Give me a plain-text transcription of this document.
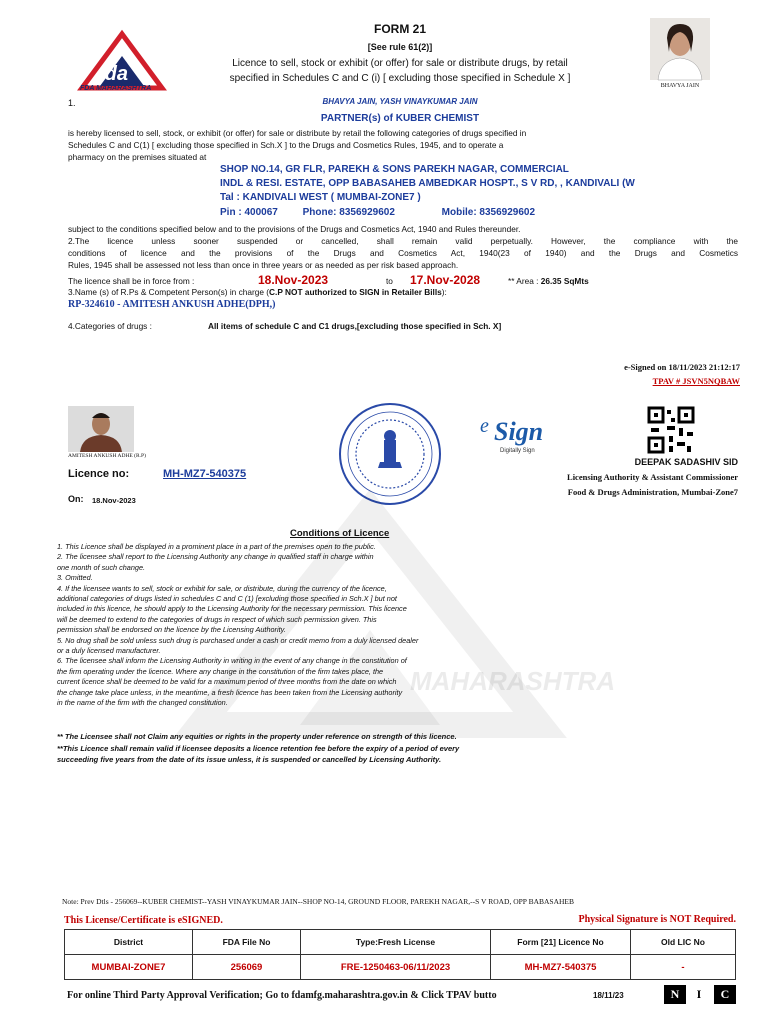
fda
FDA MAHARASHTRA
FORM 21
[See rule 61(2)]
Licence to sell, stock or exhibit (or offer) for sale or distribute drugs, by retail
specified in Schedules C and C (i) [ excluding those specified in Schedule X ]
BHAVYA JAIN
1.	BHAVYA JAIN, YASH VINAYKUMAR JAIN
PARTNER(s) of KUBER CHEMIST
is hereby licensed to sell, stock, or exhibit (or offer) for sale or distribute by retail the following categories of drugs specified in
Schedules C and C(1) [ excluding those specified in Sch.X ] to the Drugs and Cosmetics Rules, 1945, and to operate a
pharmacy on the premises situated at
SHOP NO.14, GR FLR, PAREKH & SONS PAREKH NAGAR, COMMERCIAL
INDL & RESI. ESTATE, OPP BABASAHEB AMBEDKAR HOSPT., S V RD, , KANDIVALI (W
Tal : KANDIVALI WEST ( MUMBAI-ZONE7 )
Pin : 400067 Phone: 8356929602	Mobile: 8356929602
subject to the conditions specified below and to the provisions of the Drugs and Cosmetics Act, 1940 and Rules thereunder.
2.The licence unless sooner suspended or cancelled, shall remain valid perpetually. However, the compliance with the
conditions of licence and the provisions of the Drugs and Cosmetics Act, 1940(23 of 1940) and the Drugs and Cosmetics
Rules, 1945 shall be assessed not less than once in three years or as needed as per risk based approach.
The licence shall be in force from :	18.Nov-2023	to 17.Nov-2028	** Area : 26.35 SqMts
3.Name (s) of R.Ps & Competent Person(s) in charge (C.P NOT authorized to SIGN in Retailer Bills):
RP-324610 - AMITESH ANKUSH ADHE(DPH,)
4.Categories of drugs :	All items of schedule C and C1 drugs,[excluding those specified in Sch. X]
e-Signed on 18/11/2023 21:12:17
TPAV # JSVN5NQBAW
AMITESH ANKUSH ADHE (R.P)
e Sign
Digitally Sign
Licence no:	MH-MZ7-540375
On: 18.Nov-2023
DEEPAK SADASHIV SID
Licensing Authority & Assistant Commissioner
Food & Drugs Administration, Mumbai-Zone7
MAHARASHTRA
Conditions of Licence
1. This Licence shall be displayed in a prominent place in a part of the premises open to the public.
2. The licensee shall report to the Licensing Authority any change in qualified staff in charge within
one month of such change.
3. Omitted.
4. If the licensee wants to sell, stock or exhibit for sale, or distribute, during the currency of the licence,
additional categories of drugs listed in schedules C and C (1) [excluding those specified in Sch.X ] but not
included in this licence, he should apply to the Licensing Authority for the necessary permission. This licence
will be deemed to extend to the categories of drugs in respect of which such permission given. This
permission shall be endorsed on the licence by the Licensing Authority.
5. No drug shall be sold unless such drug is purchased under a cash or credit memo from a duly licensed dealer
or a duly licensed manufacturer.
6. The licensee shall inform the Licensing Authority in writing in the event of any change in the constitution of
the firm operating under the licence. Where any change in the constitution of the firm takes place, the
current licence shall be deemed to be valid for a maximum period of three months from the date on which
the change take place unless, in the meantime, a fresh licence has been taken from the Licensing authority
in the name of the firm with the changed constitution.
** The Licensee shall not Claim any equities or rights in the property under reference on strength of this licence.
**This Licence shall remain valid if licensee deposits a licence retention fee before the expiry of a period of every
succeeding five years from the date of its issue unless, it is suspended or cancelled by Licensing Authority.
Note: Prev Dtls - 256069--KUBER CHEMIST--YASH VINAYKUMAR JAIN--SHOP NO-14, GROUND FLOOR, PAREKH NAGAR,--S V ROAD, OPP BABASAHEB
This License/Certificate is eSIGNED.	Physical Signature is NOT Required.
District	FDA File No	Type:Fresh License	Form [21] Licence No	Old LIC No
MUMBAI-ZONE7	256069	FRE-1250463-06/11/2023	MH-MZ7-540375	-
For online Third Party Approval Verification; Go to fdamfg.maharashtra.gov.in & Click TPAV butto	18/11/23	N	I	C
